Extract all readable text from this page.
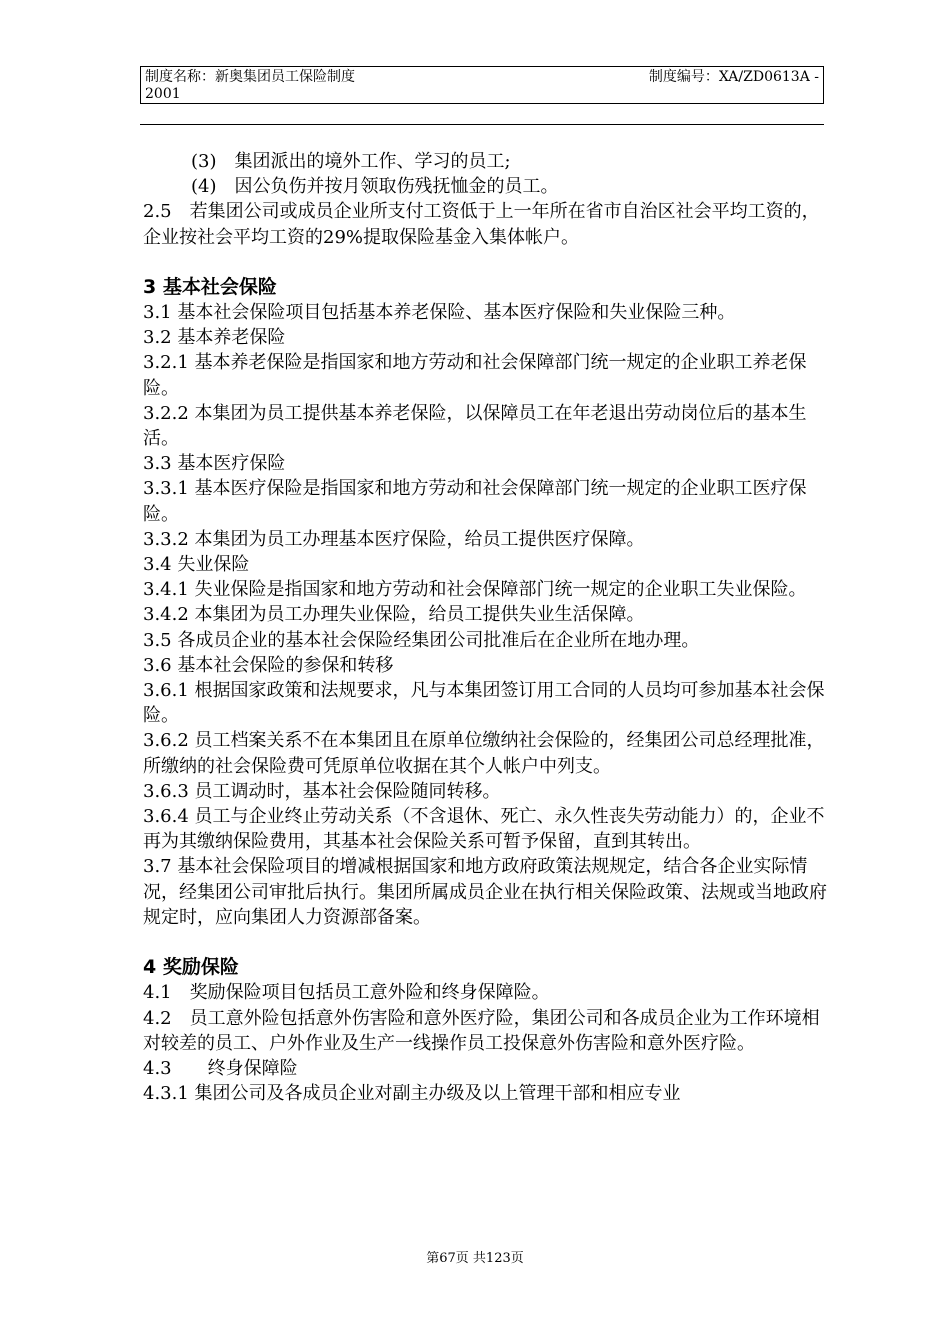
制度名称：新奥集团员工保险制度
2001
制度编号：XA/ZD0613A -

(3)　集团派出的境外工作、学习的员工;

(4)　因公负伤并按月领取伤残抚恤金的员工。

2.5　若集团公司或成员企业所支付工资低于上一年所在省市自治区社会平均工资的，企业按社会平均工资的29%提取保险基金入集体帐户。

3 基本社会保险

3.1 基本社会保险项目包括基本养老保险、基本医疗保险和失业保险三种。

3.2 基本养老保险

3.2.1 基本养老保险是指国家和地方劳动和社会保障部门统一规定的企业职工养老保险。

3.2.2 本集团为员工提供基本养老保险，以保障员工在年老退出劳动岗位后的基本生活。

3.3 基本医疗保险

3.3.1 基本医疗保险是指国家和地方劳动和社会保障部门统一规定的企业职工医疗保险。

3.3.2 本集团为员工办理基本医疗保险，给员工提供医疗保障。

3.4 失业保险

3.4.1 失业保险是指国家和地方劳动和社会保障部门统一规定的企业职工失业保险。

3.4.2 本集团为员工办理失业保险，给员工提供失业生活保障。

3.5 各成员企业的基本社会保险经集团公司批准后在企业所在地办理。

3.6 基本社会保险的参保和转移

3.6.1 根据国家政策和法规要求，凡与本集团签订用工合同的人员均可参加基本社会保险。

3.6.2 员工档案关系不在本集团且在原单位缴纳社会保险的，经集团公司总经理批准，所缴纳的社会保险费可凭原单位收据在其个人帐户中列支。

3.6.3 员工调动时，基本社会保险随同转移。

3.6.4 员工与企业终止劳动关系（不含退休、死亡、永久性丧失劳动能力）的，企业不再为其缴纳保险费用，其基本社会保险关系可暂予保留，直到其转出。

3.7 基本社会保险项目的增减根据国家和地方政府政策法规规定，结合各企业实际情况，经集团公司审批后执行。集团所属成员企业在执行相关保险政策、法规或当地政府规定时，应向集团人力资源部备案。

4 奖励保险

4.1　奖励保险项目包括员工意外险和终身保障险。

4.2　员工意外险包括意外伤害险和意外医疗险，集团公司和各成员企业为工作环境相对较差的员工、户外作业及生产一线操作员工投保意外伤害险和意外医疗险。

4.3　　终身保障险

4.3.1 集团公司及各成员企业对副主办级及以上管理干部和相应专业

第67页 共123页
